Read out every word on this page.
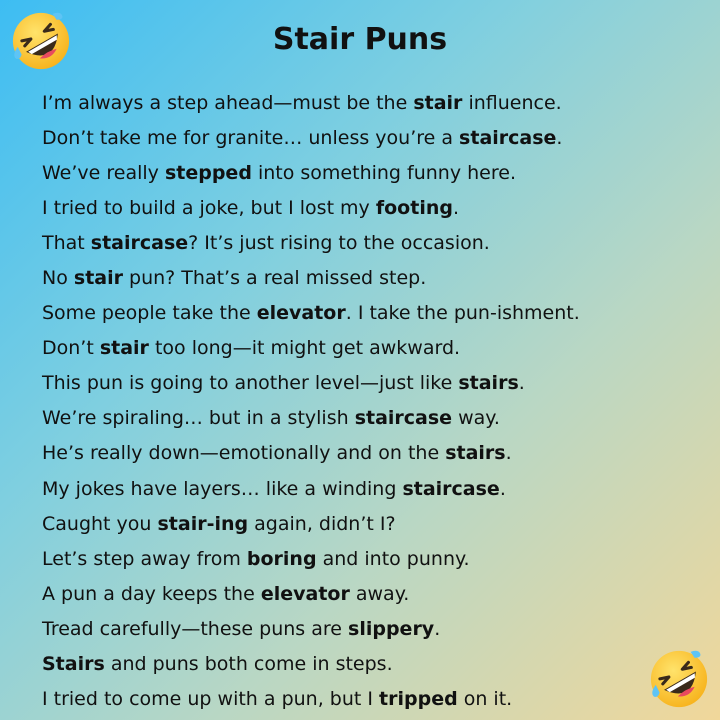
Stair Puns
I’m always a step ahead—must be the stair influence.
Don’t take me for granite… unless you’re a staircase.
We’ve really stepped into something funny here.
I tried to build a joke, but I lost my footing.
That staircase? It’s just rising to the occasion.
No stair pun? That’s a real missed step.
Some people take the elevator. I take the pun-ishment.
Don’t stair too long—it might get awkward.
This pun is going to another level—just like stairs.
We’re spiraling… but in a stylish staircase way.
He’s really down—emotionally and on the stairs.
My jokes have layers… like a winding staircase.
Caught you stair-ing again, didn’t I?
Let’s step away from boring and into punny.
A pun a day keeps the elevator away.
Tread carefully—these puns are slippery.
Stairs and puns both come in steps.
I tried to come up with a pun, but I tripped on it.
